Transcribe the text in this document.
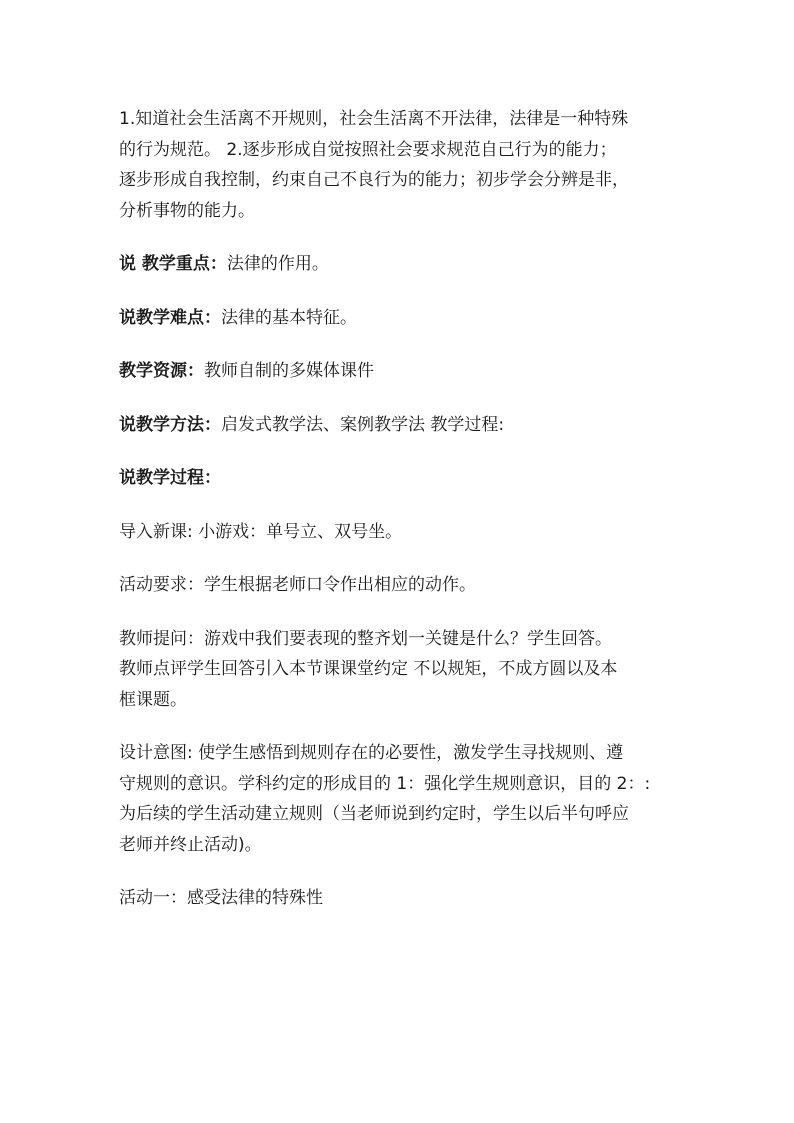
1.知道社会生活离不开规则，社会生活离不开法律，法律是一种特殊
的行为规范。 2.逐步形成自觉按照社会要求规范自己行为的能力；
逐步形成自我控制，约束自己不良行为的能力；初步学会分辨是非，
分析事物的能力。

说 教学重点：法律的作用。

说教学难点：法律的基本特征。

教学资源：教师自制的多媒体课件

说教学方法：启发式教学法、案例教学法 教学过程:

说教学过程：

导入新课: 小游戏：单号立、双号坐。

活动要求：学生根据老师口令作出相应的动作。

教师提问：游戏中我们要表现的整齐划一关键是什么？学生回答。
教师点评学生回答引入本节课课堂约定 不以规矩，不成方圆以及本
框课题。

设计意图: 使学生感悟到规则存在的必要性，激发学生寻找规则、遵
守规则的意识。学科约定的形成目的 1：强化学生规则意识，目的 2：:
为后续的学生活动建立规则（当老师说到约定时，学生以后半句呼应
老师并终止活动)。

活动一：感受法律的特殊性
